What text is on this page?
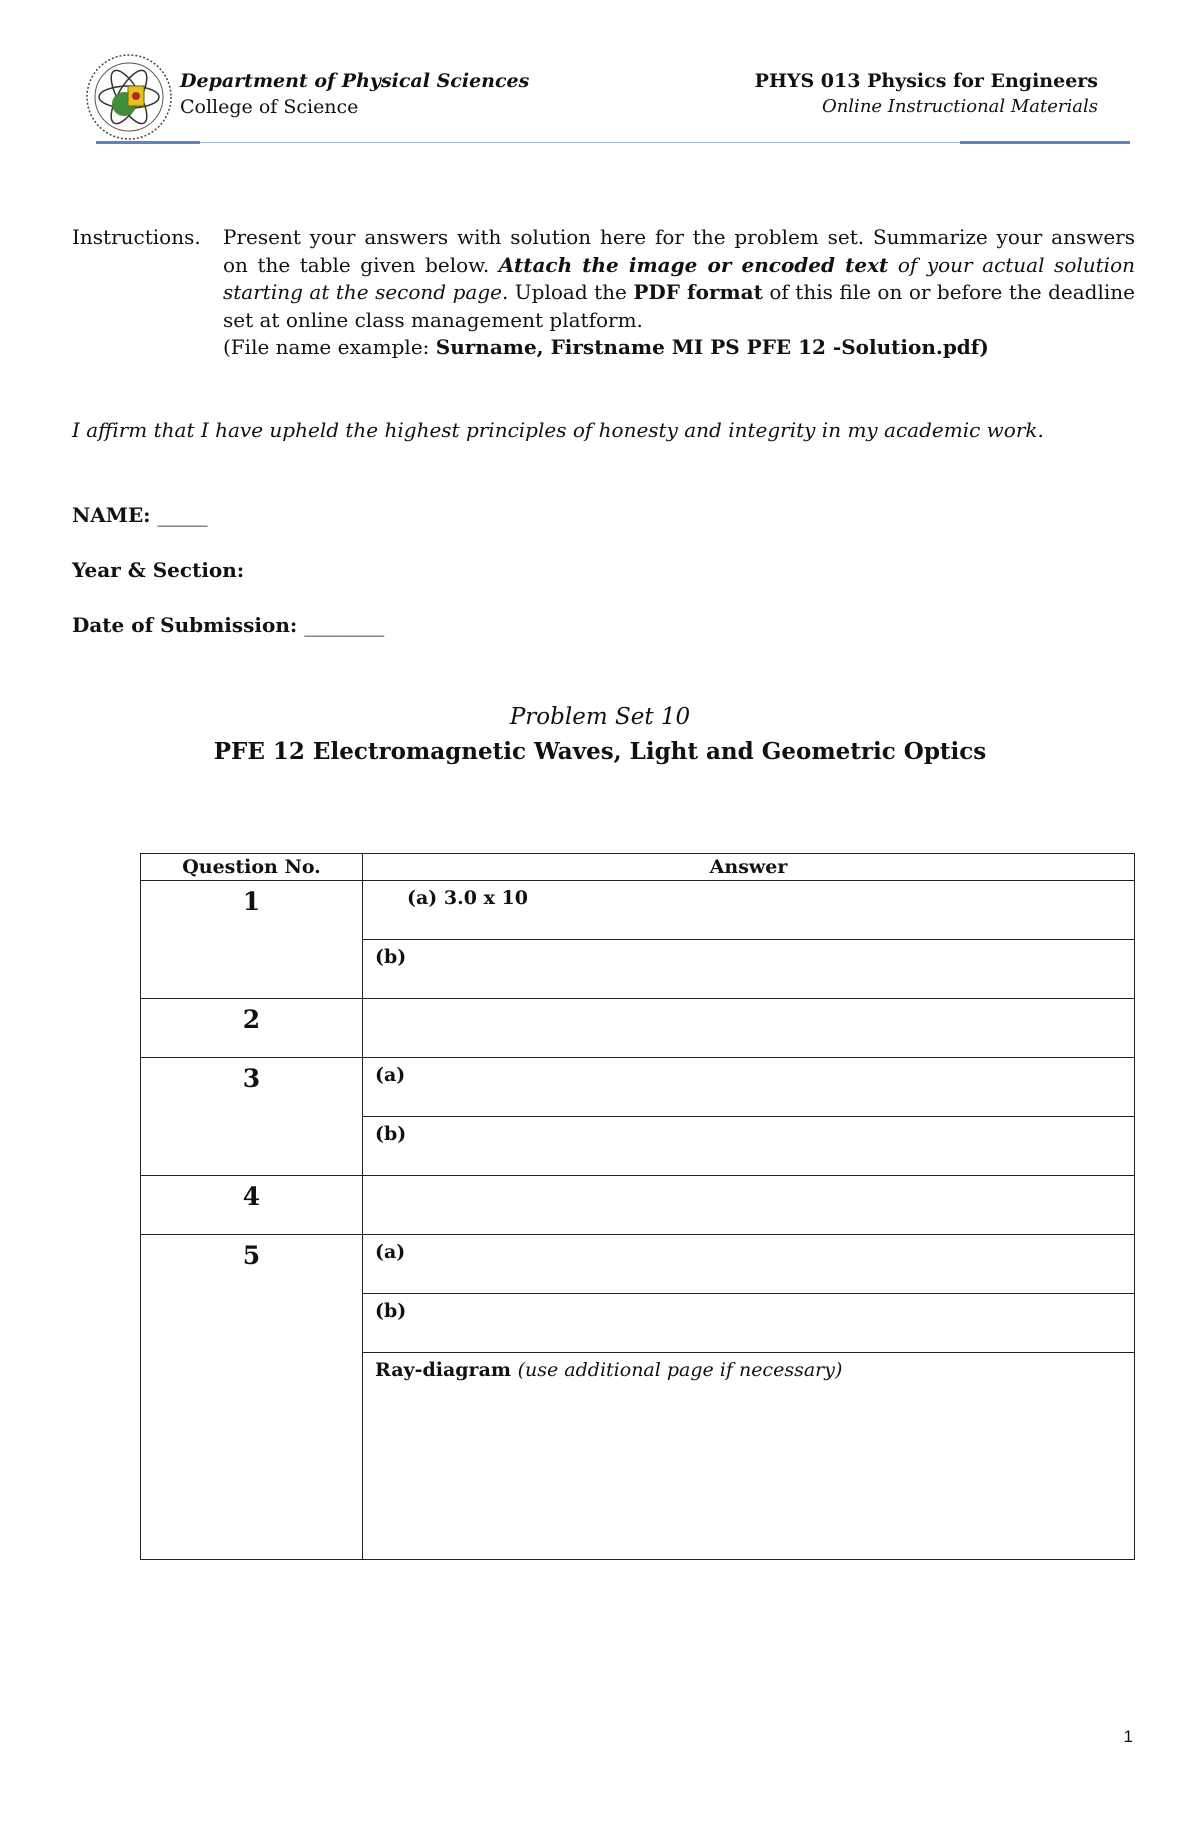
Department of Physical Sciences
College of Science
PHYS 013 Physics for Engineers
Online Instructional Materials
Instructions. Present your answers with solution here for the problem set. Summarize your answers on the table given below. Attach the image or encoded text of your actual solution starting at the second page. Upload the PDF format of this file on or before the deadline set at online class management platform.
(File name example: Surname, Firstname MI PS PFE 12 -Solution.pdf)
I affirm that I have upheld the highest principles of honesty and integrity in my academic work.
NAME: _____
Year & Section:
Date of Submission: ________
Problem Set 10
PFE 12 Electromagnetic Waves, Light and Geometric Optics
Question No.	Answer
1	(a) 3.0 x 10
	(b)
2	
3	(a)
	(b)
4	
5	(a)
	(b)
	Ray-diagram (use additional page if necessary)
1
